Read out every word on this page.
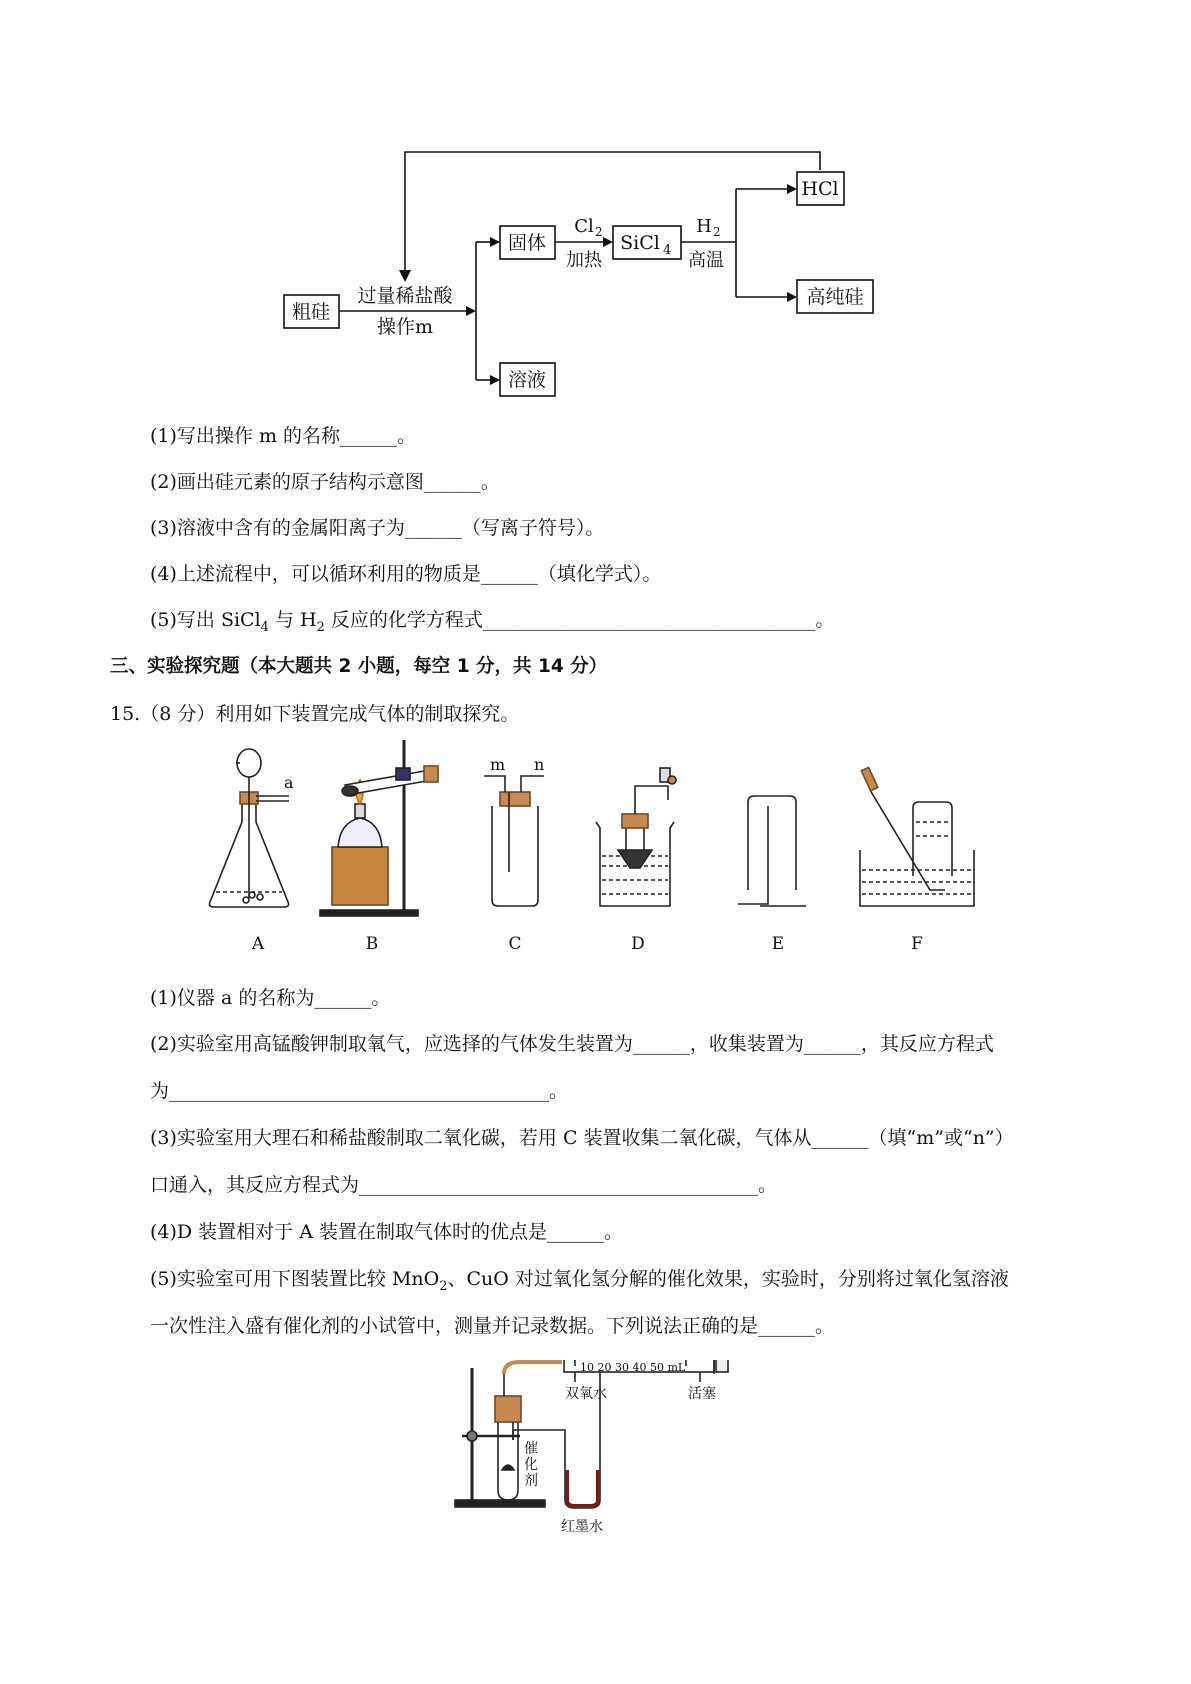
粗硅
固体
溶液
SiCl 4
HCl
高纯硅
过量稀盐酸
操作m
Cl 2
加热
H 2
高温
(1)写出操作 m 的名称______。
(2)画出硅元素的原子结构示意图______。
(3)溶液中含有的金属阳离子为______（写离子符号）。
(4)上述流程中，可以循环利用的物质是______（填化学式）。
(5)写出 SiCl$_4$ 与 $H_2$ 反应的化学方程式___________________________________。
三、实验探究题（本大题共 2 小题，每空 1 分，共 14 分）
15.（8 分）利用如下装置完成气体的制取探究。
a
m n
A	B	C	D	E	F
(1)仪器 a 的名称为______。
(2)实验室用高锰酸钾制取氧气，应选择的气体发生装置为______，收集装置为______，其反应方程式
为________________________________________。
(3)实验室用大理石和稀盐酸制取二氧化碳，若用 C 装置收集二氧化碳，气体从______（填“m”或“n”）
口通入，其反应方程式为__________________________________________。
(4)D 装置相对于 A 装置在制取气体时的优点是______。
(5)实验室可用下图装置比较 MnO$_2$、CuO 对过氧化氢分解的催化效果，实验时，分别将过氧化氢溶液
一次性注入盛有催化剂的小试管中，测量并记录数据。下列说法正确的是______。
10 20 30 40 50 mL
双氧水	活塞
催
化
剂
红墨水
